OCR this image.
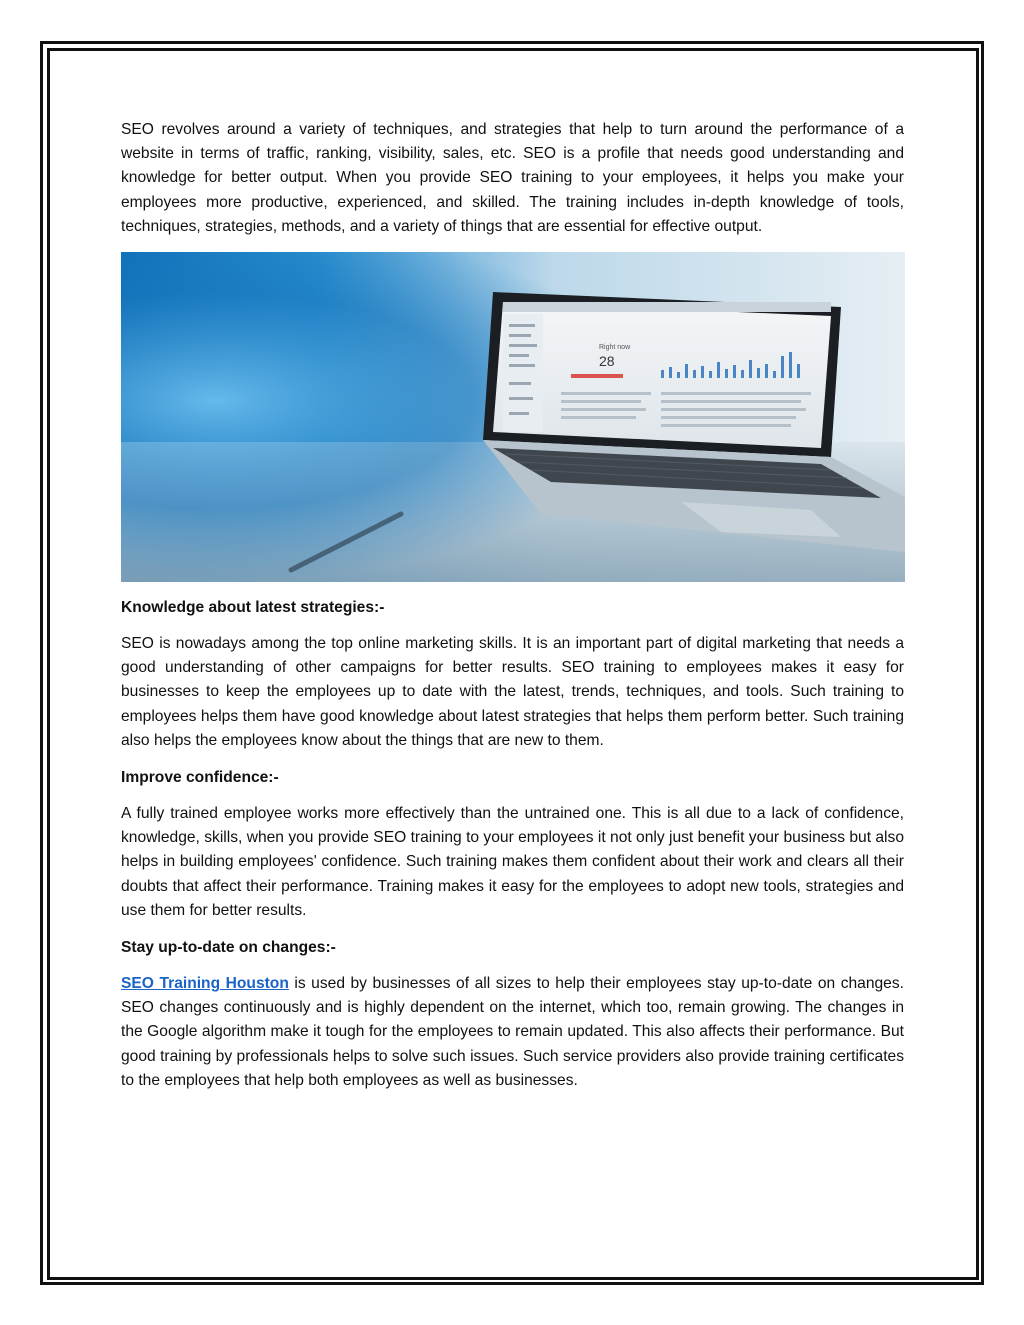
SEO revolves around a variety of techniques, and strategies that help to turn around the performance of a website in terms of traffic, ranking, visibility, sales, etc. SEO is a profile that needs good understanding and knowledge for better output. When you provide SEO training to your employees, it helps you make your employees more productive, experienced, and skilled. The training includes in-depth knowledge of tools, techniques, strategies, methods, and a variety of things that are essential for effective output.

Right now
28

Knowledge about latest strategies:-

SEO is nowadays among the top online marketing skills. It is an important part of digital marketing that needs a good understanding of other campaigns for better results. SEO training to employees makes it easy for businesses to keep the employees up to date with the latest, trends, techniques, and tools. Such training to employees helps them have good knowledge about latest strategies that helps them perform better. Such training also helps the employees know about the things that are new to them.

Improve confidence:-

A fully trained employee works more effectively than the untrained one. This is all due to a lack of confidence, knowledge, skills, when you provide SEO training to your employees it not only just benefit your business but also helps in building employees' confidence. Such training makes them confident about their work and clears all their doubts that affect their performance. Training makes it easy for the employees to adopt new tools, strategies and use them for better results.

Stay up-to-date on changes:-

SEO Training Houston is used by businesses of all sizes to help their employees stay up-to-date on changes. SEO changes continuously and is highly dependent on the internet, which too, remain growing. The changes in the Google algorithm make it tough for the employees to remain updated. This also affects their performance. But good training by professionals helps to solve such issues. Such service providers also provide training certificates to the employees that help both employees as well as businesses.
